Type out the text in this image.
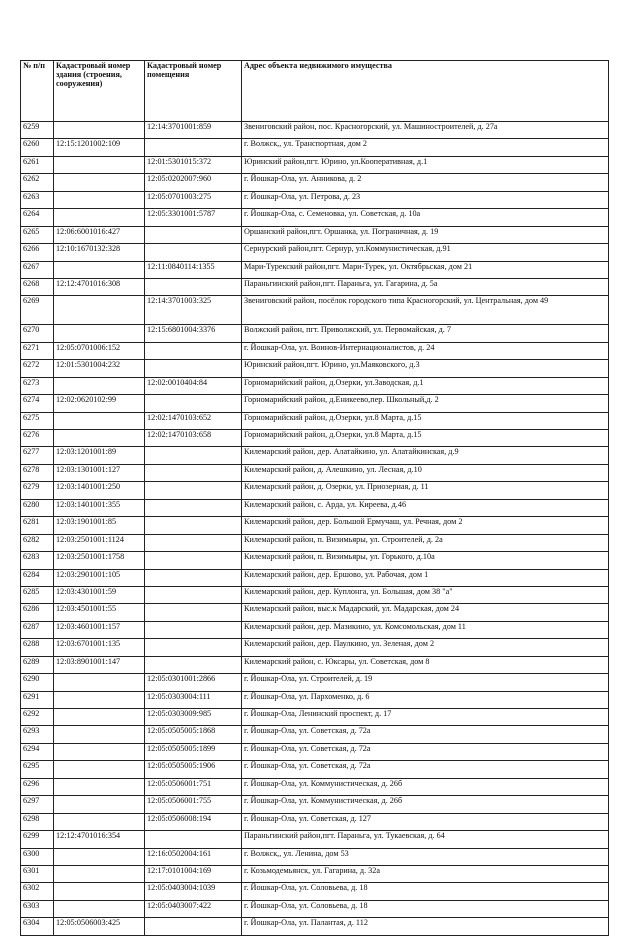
№ п/п	Кадастровый номер здания (строения, сооружения)	Кадастровый номер помещения	Адрес объекта недвижимого имущества
6259		12:14:3701001:859	Звениговский район, пос. Красногорский, ул. Машиностроителей, д. 27а
6260	12:15:1201002:109		г. Волжск,, ул. Транспортная, дом 2
6261		12:01:5301015:372	Юринский район,пгт. Юрино, ул.Кооперативная, д.1
6262		12:05:0202007:960	г. Йошкар-Ола, ул. Анникова, д. 2
6263		12:05:0701003:275	г. Йошкар-Ола, ул. Петрова, д. 23
6264		12:05:3301001:5787	г. Йошкар-Ола, с. Семеновка, ул. Советская, д. 10а
6265	12:06:6001016:427		Оршанский район,пгт. Оршанка, ул. Пограничная, д. 19
6266	12:10:1670132:328		Сернурский район,пгт. Сернур, ул.Коммунистическая, д.91
6267		12:11:0840114:1355	Мари-Турекский район,пгт. Мари-Турек, ул. Октябрьская, дом 21
6268	12:12:4701016:308		Параньгинский район,пгт. Параньга, ул. Гагарина, д. 5а
6269		12:14:3701003:325	Звениговский район, посёлок городского типа Красногорский, ул. Центральная, дом 49
6270		12:15:6801004:3376	Волжский район, пгт. Приволжский, ул. Первомайская, д. 7
6271	12:05:0701006:152		г. Йошкар-Ола, ул. Воинов-Интернационалистов, д. 24
6272	12:01:5301004:232		Юринский район,пгт. Юрино, ул.Маяковского, д.3
6273		12:02:0010404:84	Горномарийский район, д.Озерки, ул.Заводская, д.1
6274	12:02:0620102:99		Горномарийский район, д.Еникеево,пер. Школьный,д. 2
6275		12:02:1470103:652	Горномарийский район, д.Озерки, ул.8 Марта, д.15
6276		12:02:1470103:658	Горномарийский район, д.Озерки, ул.8 Марта, д.15
6277	12:03:1201001:89		Килемарский район, дер. Алатайкино, ул. Алатайкинская, д.9
6278	12:03:1301001:127		Килемарский район, д. Алешкино, ул. Лесная, д.10
6279	12:03:1401001:250		Килемарский район, д. Озерки, ул. Приозерная, д. 11
6280	12:03:1401001:355		Килемарский район, с. Арда, ул. Киреева, д.46
6281	12:03:1901001:85		Килемарский район, дер. Большой Ермучаш, ул. Речная, дом 2
6282	12:03:2501001:1124		Килемарский район, п. Визимьяры, ул. Строителей, д. 2а
6283	12:03:2501001:1758		Килемарский район, п. Визимьяры, ул. Горького, д.10а
6284	12:03:2901001:105		Килемарский район, дер. Ершово, ул. Рабочая, дом 1
6285	12:03:4301001:59		Килемарский район, дер. Куплонга, ул. Большая, дом 38 "а"
6286	12:03:4501001:55		Килемарский район, выс.к Мадарский, ул. Мадарская, дом 24
6287	12:03:4601001:157		Килемарский район, дер. Мазикино, ул. Комсомольская, дом 11
6288	12:03:6701001:135		Килемарский район, дер. Паулкино, ул. Зеленая, дом 2
6289	12:03:8901001:147		Килемарский район, с. Юксары, ул. Советская, дом 8
6290		12:05:0301001:2866	г. Йошкар-Ола, ул. Строителей, д. 19
6291		12:05:0303004:111	г. Йошкар-Ола, ул. Пархоменко, д. 6
6292		12:05:0303009:985	г. Йошкар-Ола, Ленинский проспект, д. 17
6293		12:05:0505005:1868	г. Йошкар-Ола, ул. Советская, д. 72а
6294		12:05:0505005:1899	г. Йошкар-Ола, ул. Советская, д. 72а
6295		12:05:0505005:1906	г. Йошкар-Ола, ул. Советская, д. 72а
6296		12:05:0506001:751	г. Йошкар-Ола, ул. Коммунистическая, д. 26б
6297		12:05:0506001:755	г. Йошкар-Ола, ул. Коммунистическая, д. 26б
6298		12:05:0506008:194	г. Йошкар-Ола, ул. Советская, д. 127
6299	12:12:4701016:354		Параньгинский район,пгт. Параньга, ул. Тукаевская, д. 64
6300		12:16:0502004:161	г. Волжск,, ул. Ленина, дом 53
6301		12:17:0101004:169	г. Козьмодемьянск, ул. Гагарина, д. 32а
6302		12:05:0403004:1039	г. Йошкар-Ола, ул. Соловьева, д. 18
6303		12:05:0403007:422	г. Йошкар-Ола, ул. Соловьева, д. 18
6304	12:05:0506003:425		г. Йошкар-Ола, ул. Палантая, д. 112
